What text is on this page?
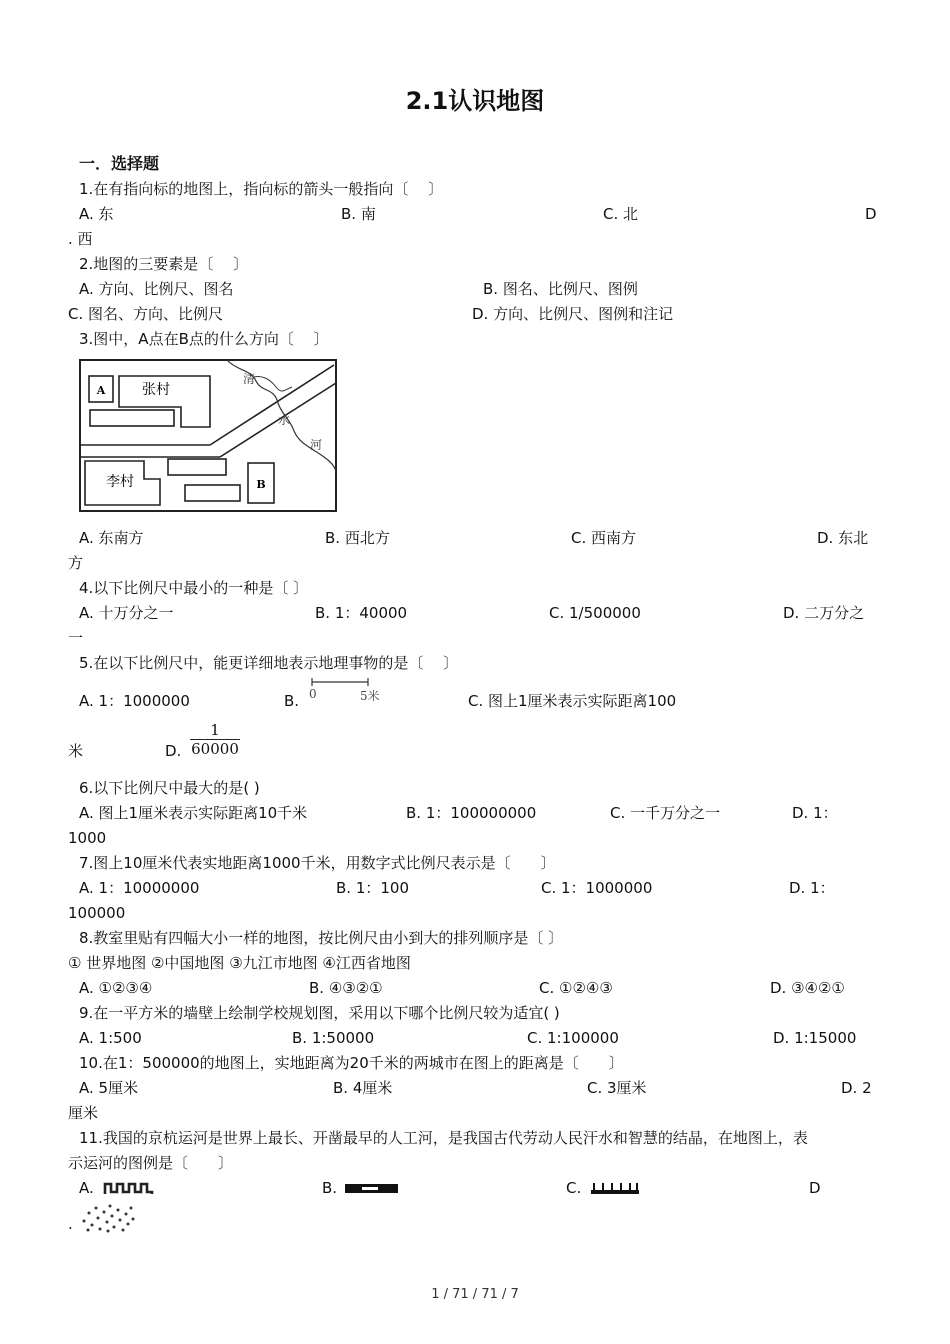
2.1认识地图
一．选择题
1.在有指向标的地图上，指向标的箭头一般指向〔　 〕
A. 东	B. 南	C. 北	D
. 西
2.地图的三要素是〔　 〕
A. 方向、比例尺、图名	B. 图名、比例尺、图例
C. 图名、方向、比例尺	D. 方向、比例尺、图例和注记
3.图中，A点在B点的什么方向〔　 〕
A	张村
李村	B
清
水
河
A. 东南方	B. 西北方	C. 西南方	D. 东北
方
4.以下比例尺中最小的一种是〔 〕
A. 十万分之一	B. 1：40000	C. 1/500000	D. 二万分之
一
5.在以下比例尺中，能更详细地表示地理事物的是〔　 〕
A. 1：1000000	B. 0	5米	C. 图上1厘米表示实际距离100
米	D.
1
60000
6.以下比例尺中最大的是( )
A. 图上1厘米表示实际距离10千米	B. 1：100000000	C. 一千万分之一	D. 1：
1000
7.图上10厘米代表实地距离1000千米，用数字式比例尺表示是〔　　〕
A. 1：10000000	B. 1：100	C. 1：1000000	D. 1：
100000
8.教室里贴有四幅大小一样的地图，按比例尺由小到大的排列顺序是〔 〕
① 世界地图 ②中国地图 ③九江市地图 ④江西省地图
A. ①②③④	B. ④③②①	C. ①②④③	D. ③④②①
9.在一平方米的墙壁上绘制学校规划图，采用以下哪个比例尺较为适宜( )
A. 1:500	B. 1:50000	C. 1:100000	D. 1:15000
10.在1：500000的地图上，实地距离为20千米的两城市在图上的距离是〔　　〕
A. 5厘米	B. 4厘米	C. 3厘米	D. 2
厘米
11.我国的京杭运河是世界上最长、开凿最早的人工河，是我国古代劳动人民汗水和智慧的结晶，在地图上，表
示运河的图例是〔　　〕
A.	B.	C.	D
.
1 / 71 / 71 / 7
